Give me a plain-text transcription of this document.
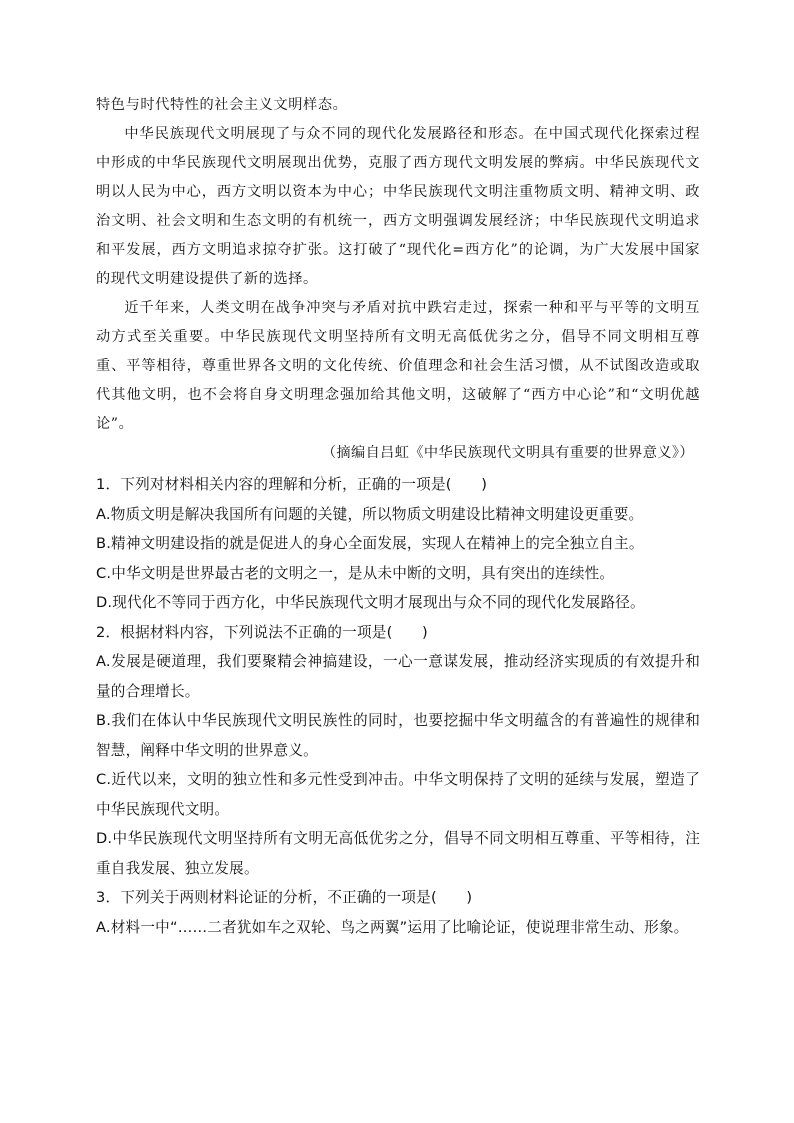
特色与时代特性的社会主义文明样态。

中华民族现代文明展现了与众不同的现代化发展路径和形态。在中国式现代化探索过程中形成的中华民族现代文明展现出优势，克服了西方现代文明发展的弊病。中华民族现代文明以人民为中心，西方文明以资本为中心；中华民族现代文明注重物质文明、精神文明、政治文明、社会文明和生态文明的有机统一，西方文明强调发展经济；中华民族现代文明追求和平发展，西方文明追求掠夺扩张。这打破了“现代化=西方化”的论调，为广大发展中国家的现代文明建设提供了新的选择。

近千年来，人类文明在战争冲突与矛盾对抗中跌宕走过，探索一种和平与平等的文明互动方式至关重要。中华民族现代文明坚持所有文明无高低优劣之分，倡导不同文明相互尊重、平等相待，尊重世界各文明的文化传统、价值理念和社会生活习惯，从不试图改造或取代其他文明，也不会将自身文明理念强加给其他文明，这破解了“西方中心论”和“文明优越论”。

（摘编自吕虹《中华民族现代文明具有重要的世界意义》）

1．下列对材料相关内容的理解和分析，正确的一项是(　　)

A.物质文明是解决我国所有问题的关键，所以物质文明建设比精神文明建设更重要。

B.精神文明建设指的就是促进人的身心全面发展，实现人在精神上的完全独立自主。

C.中华文明是世界最古老的文明之一，是从未中断的文明，具有突出的连续性。

D.现代化不等同于西方化，中华民族现代文明才展现出与众不同的现代化发展路径。

2．根据材料内容，下列说法不正确的一项是(　　)

A.发展是硬道理，我们要聚精会神搞建设，一心一意谋发展，推动经济实现质的有效提升和量的合理增长。

B.我们在体认中华民族现代文明民族性的同时，也要挖掘中华文明蕴含的有普遍性的规律和智慧，阐释中华文明的世界意义。

C.近代以来，文明的独立性和多元性受到冲击。中华文明保持了文明的延续与发展，塑造了中华民族现代文明。

D.中华民族现代文明坚持所有文明无高低优劣之分，倡导不同文明相互尊重、平等相待，注重自我发展、独立发展。

3．下列关于两则材料论证的分析，不正确的一项是(　　)

A.材料一中“……二者犹如车之双轮、鸟之两翼”运用了比喻论证，使说理非常生动、形象。
